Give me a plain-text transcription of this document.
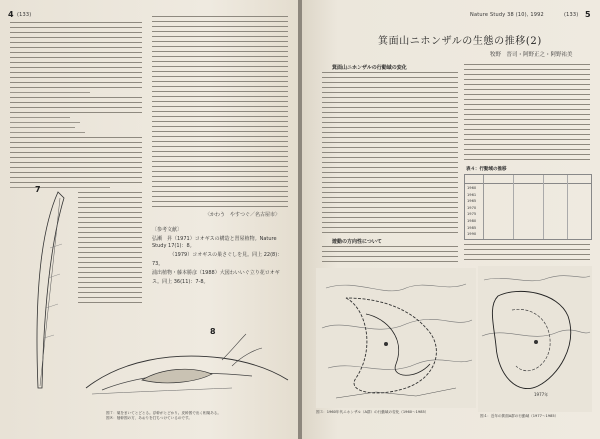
4 (133)
〈かわう　やすつぐ／名古屋市〉
〔参考文献〕
弘瀬　昇（1971）コオギスの構造と習屋植物。Nature Study 17(1)：8。
　　　　（1979）コオギスの巣さぐしを見。同上 22(8)：
73。
浦出植物・藤本勝彦（1988）大図わいいぐ立り花ロオギ
ス。同上 36(11)：7-8。
7
8
図７：葉をまいてとどとる。浮幹がとどかり。皮幹図で出く相葉ある。
図８：削幹図の方、あおりを打ちつけているのです。
Nature Study 38 (10), 1992	(133) 5
箕面山ニホンザルの生態の推移(2)
牧野　晋司・阿野正之・阿野祐美
箕面山ニホンザルの行動域の変化
遊動の方向性について
表４：行動域の推移
1960
1961
1965
1970
1975
1980
1985
1990
1977年
図３：1960年代ニホンザル（A群）の行動域の変化（1960～1985）
図４：近年の箕面A群の行動域（1977～1985）
